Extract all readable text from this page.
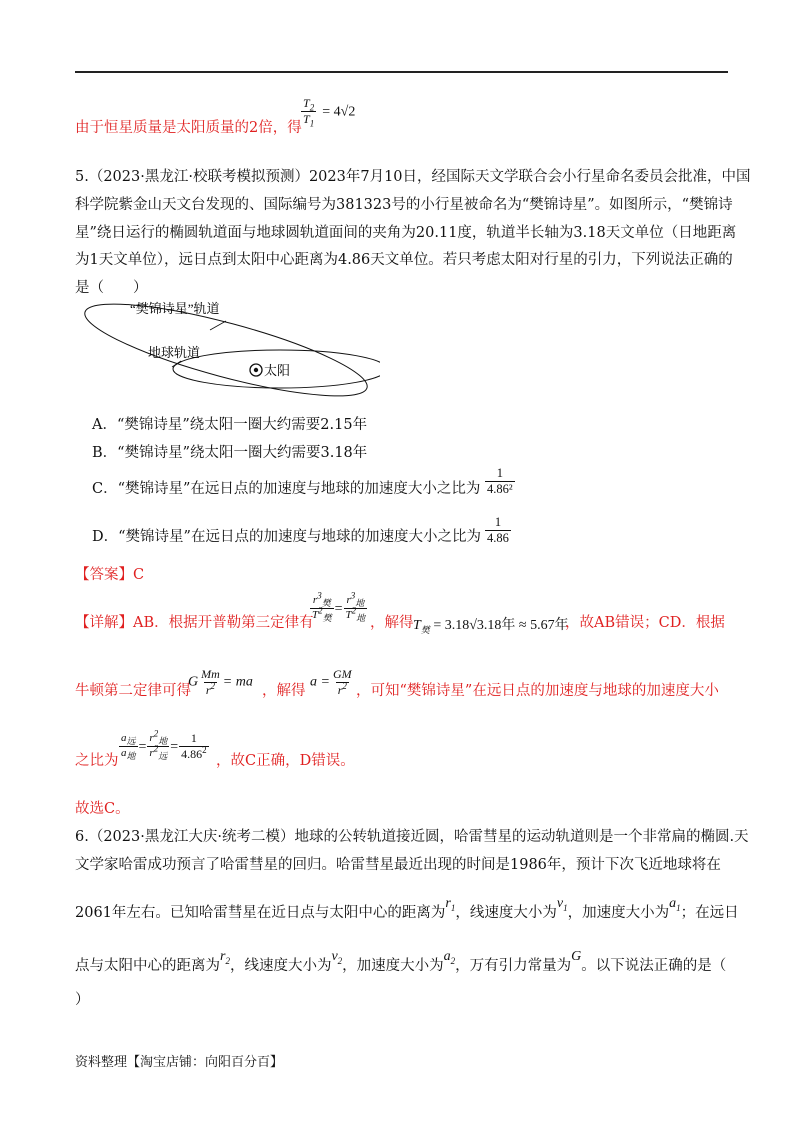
由于恒星质量是太阳质量的2倍，得
$\frac{T_2}{T_1} = 4√2$
5.（2023·黑龙江·校联考模拟预测）2023年7月10日，经国际天文学联合会小行星命名委员会批准，中国
科学院紫金山天文台发现的、国际编号为381323号的小行星被命名为“樊锦诗星”。如图所示，“樊锦诗
星”绕日运行的椭圆轨道面与地球圆轨道面间的夹角为20.11度，轨道半长轴为3.18天文单位（日地距离
为1天文单位），远日点到太阳中心距离为4.86天文单位。若只考虑太阳对行星的引力，下列说法正确的
是（　　）
“樊锦诗星”轨道
地球轨道
太阳
A．“樊锦诗星”绕太阳一圈大约需要2.15年
B．“樊锦诗星”绕太阳一圈大约需要3.18年
C．“樊锦诗星”在远日点的加速度与地球的加速度大小之比为 $\frac{1}{\text{4.86²}}$
D．“樊锦诗星”在远日点的加速度与地球的加速度大小之比为 $\frac{1}{4.86}$
【答案】C
【详解】AB．根据开普勒第三定律有
$\frac{r^3_樊}{T^2_樊} = \frac{r^3_地}{T^2_地}$
，解得 $T_樊 = 3.18√3.18$年 ≈ 5.67年
，故AB错误；CD．根据
牛顿第二定律可得
G $\frac{Mm}{r^2}$ = ma
，解得
$a = \frac{GM}{r^2}$ ，可知“樊锦诗星”在远日点的加速度与地球的加速度大小
之比为
$\frac{a_远}{a_地} = \frac{r^2_地}{r^2_远} = \frac{1}{4.86^2}$
，故C正确，D错误。
故选C。
6.（2023·黑龙江大庆·统考二模）地球的公转轨道接近圆，哈雷彗星的运动轨道则是一个非常扁的椭圆.天
文学家哈雷成功预言了哈雷彗星的回归。哈雷彗星最近出现的时间是1986年，预计下次飞近地球将在
2061年左右。已知哈雷彗星在近日点与太阳中心的距离为$r_1$，线速度大小为$v_1$，加速度大小为$a_1$；在远日
点与太阳中心的距离为$r_2$，线速度大小为$v_2$，加速度大小为$a_2$，万有引力常量为G。以下说法正确的是（
）
资料整理【淘宝店铺：向阳百分百】
